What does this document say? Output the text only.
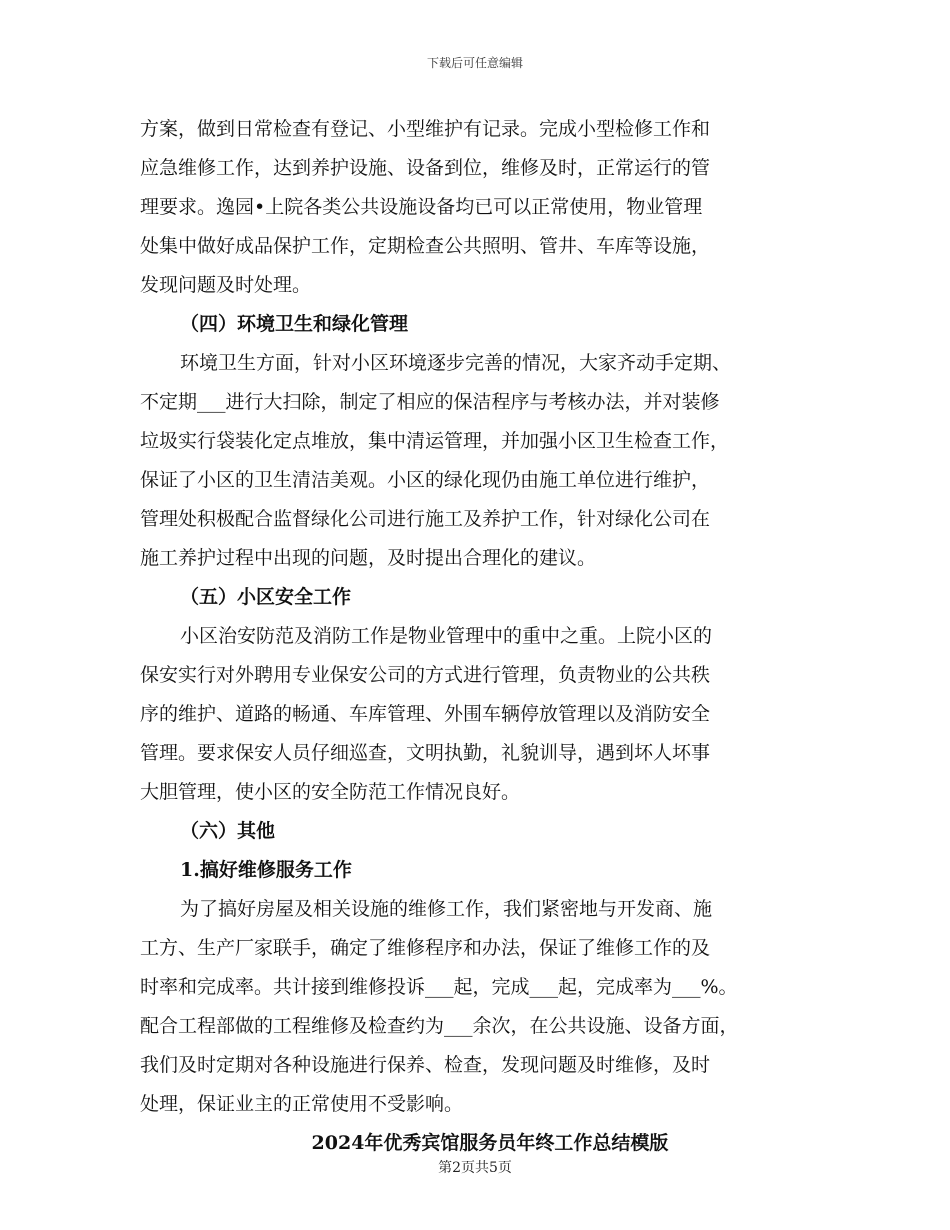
下载后可任意编辑
方案，做到日常检查有登记、小型维护有记录。完成小型检修工作和
应急维修工作，达到养护设施、设备到位，维修及时，正常运行的管
理要求。逸园•上院各类公共设施设备均已可以正常使用，物业管理
处集中做好成品保护工作，定期检查公共照明、管井、车库等设施，
发现问题及时处理。
（四）环境卫生和绿化管理
环境卫生方面，针对小区环境逐步完善的情况，大家齐动手定期、
不定期___进行大扫除，制定了相应的保洁程序与考核办法，并对装修
垃圾实行袋装化定点堆放，集中清运管理，并加强小区卫生检查工作，
保证了小区的卫生清洁美观。小区的绿化现仍由施工单位进行维护，
管理处积极配合监督绿化公司进行施工及养护工作，针对绿化公司在
施工养护过程中出现的问题，及时提出合理化的建议。
（五）小区安全工作
小区治安防范及消防工作是物业管理中的重中之重。上院小区的
保安实行对外聘用专业保安公司的方式进行管理，负责物业的公共秩
序的维护、道路的畅通、车库管理、外围车辆停放管理以及消防安全
管理。要求保安人员仔细巡查，文明执勤，礼貌训导，遇到坏人坏事
大胆管理，使小区的安全防范工作情况良好。
（六）其他
1.搞好维修服务工作
为了搞好房屋及相关设施的维修工作，我们紧密地与开发商、施
工方、生产厂家联手，确定了维修程序和办法，保证了维修工作的及
时率和完成率。共计接到维修投诉___起，完成___起，完成率为___%。
配合工程部做的工程维修及检查约为___余次，在公共设施、设备方面，
我们及时定期对各种设施进行保养、检查，发现问题及时维修，及时
处理，保证业主的正常使用不受影响。
2024年优秀宾馆服务员年终工作总结模版
第2页共5页
